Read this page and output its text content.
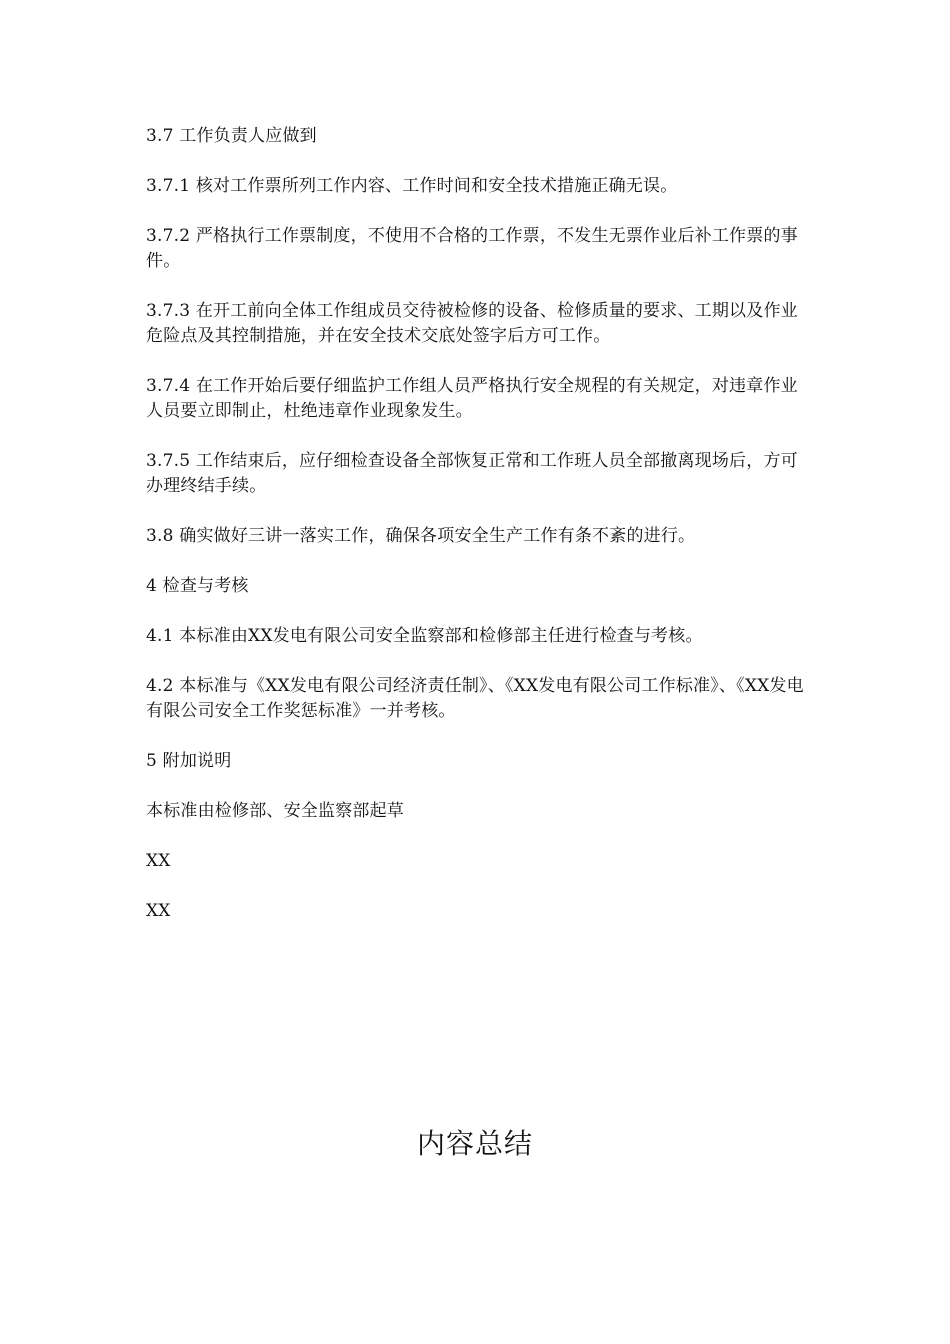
3.7 工作负责人应做到

3.7.1 核对工作票所列工作内容、工作时间和安全技术措施正确无误。

3.7.2 严格执行工作票制度，不使用不合格的工作票，不发生无票作业后补工作票的事件。

3.7.3 在开工前向全体工作组成员交待被检修的设备、检修质量的要求、工期以及作业危险点及其控制措施，并在安全技术交底处签字后方可工作。

3.7.4 在工作开始后要仔细监护工作组人员严格执行安全规程的有关规定，对违章作业人员要立即制止，杜绝违章作业现象发生。

3.7.5 工作结束后，应仔细检查设备全部恢复正常和工作班人员全部撤离现场后，方可办理终结手续。

3.8 确实做好三讲一落实工作，确保各项安全生产工作有条不紊的进行。

4 检查与考核

4.1 本标准由XX发电有限公司安全监察部和检修部主任进行检查与考核。

4.2 本标准与《XX发电有限公司经济责任制》、《XX发电有限公司工作标准》、《XX发电有限公司安全工作奖惩标准》一并考核。

5 附加说明

本标准由检修部、安全监察部起草

XX

XX

内容总结
